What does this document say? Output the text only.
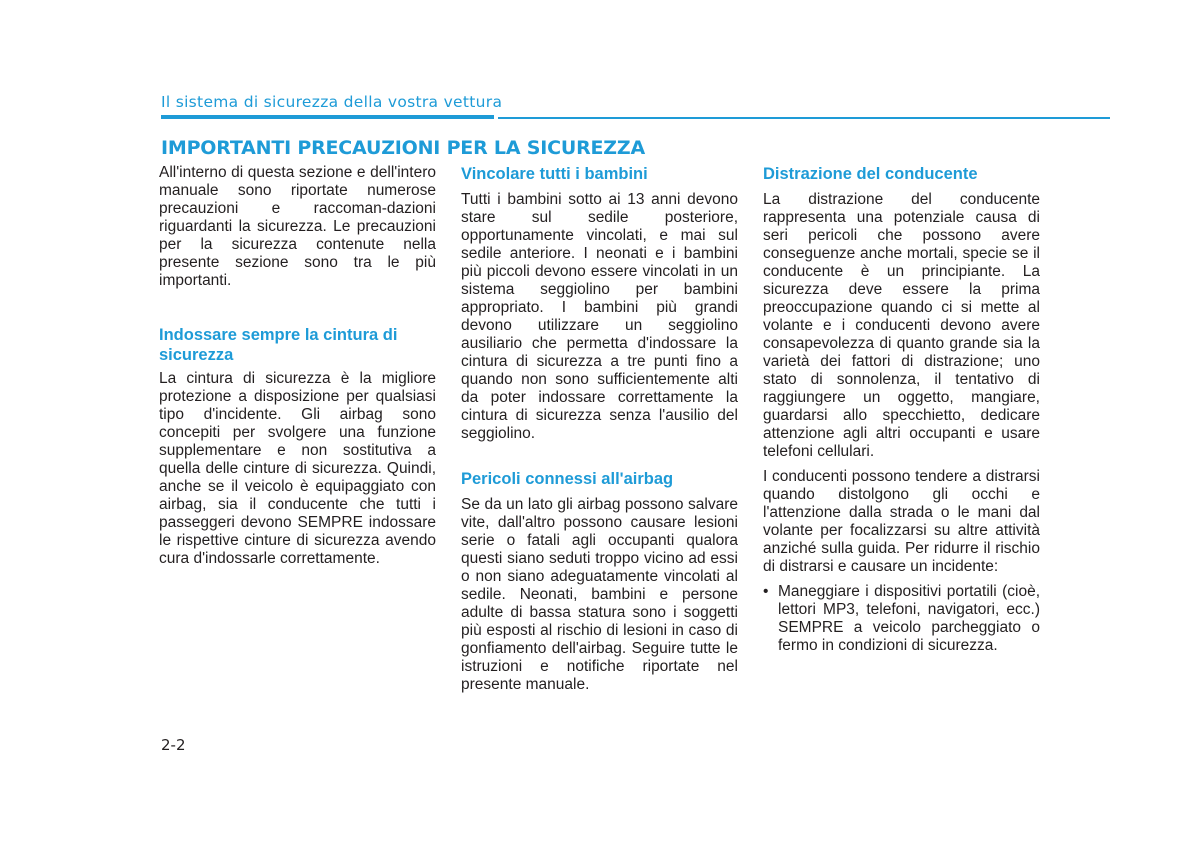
Il sistema di sicurezza della vostra vettura
IMPORTANTI PRECAUZIONI PER LA SICUREZZA

All'interno di questa sezione e dell'intero manuale sono riportate numerose precauzioni e raccoman-dazioni riguardanti la sicurezza. Le precauzioni per la sicurezza contenute nella presente sezione sono tra le più importanti.

Indossare sempre la cintura di sicurezza

La cintura di sicurezza è la migliore protezione a disposizione per qualsiasi tipo d'incidente. Gli airbag sono concepiti per svolgere una funzione supplementare e non sostitutiva a quella delle cinture di sicurezza. Quindi, anche se il veicolo è equipaggiato con airbag, sia il conducente che tutti i passeggeri devono SEMPRE indossare le rispettive cinture di sicurezza avendo cura d'indossarle correttamente.

Vincolare tutti i bambini

Tutti i bambini sotto ai 13 anni devono stare sul sedile posteriore, opportunamente vincolati, e mai sul sedile anteriore. I neonati e i bambini più piccoli devono essere vincolati in un sistema seggiolino per bambini appropriato. I bambini più grandi devono utilizzare un seggiolino ausiliario che permetta d'indossare la cintura di sicurezza a tre punti fino a quando non sono sufficientemente alti da poter indossare correttamente la cintura di sicurezza senza l'ausilio del seggiolino.

Pericoli connessi all'airbag

Se da un lato gli airbag possono salvare vite, dall'altro possono causare lesioni serie o fatali agli occupanti qualora questi siano seduti troppo vicino ad essi o non siano adeguatamente vincolati al sedile. Neonati, bambini e persone adulte di bassa statura sono i soggetti più esposti al rischio di lesioni in caso di gonfiamento dell'airbag. Seguire tutte le istruzioni e notifiche riportate nel presente manuale.

Distrazione del conducente

La distrazione del conducente rappresenta una potenziale causa di seri pericoli che possono avere conseguenze anche mortali, specie se il conducente è un principiante. La sicurezza deve essere la prima preoccupazione quando ci si mette al volante e i conducenti devono avere consapevolezza di quanto grande sia la varietà dei fattori di distrazione; uno stato di sonnolenza, il tentativo di raggiungere un oggetto, mangiare, guardarsi allo specchietto, dedicare attenzione agli altri occupanti e usare telefoni cellulari.

I conducenti possono tendere a distrarsi quando distolgono gli occhi e l'attenzione dalla strada o le mani dal volante per focalizzarsi su altre attività anziché sulla guida. Per ridurre il rischio di distrarsi e causare un incidente:

• Maneggiare i dispositivi portatili (cioè, lettori MP3, telefoni, navigatori, ecc.) SEMPRE a veicolo parcheggiato o fermo in condizioni di sicurezza.

2-2
